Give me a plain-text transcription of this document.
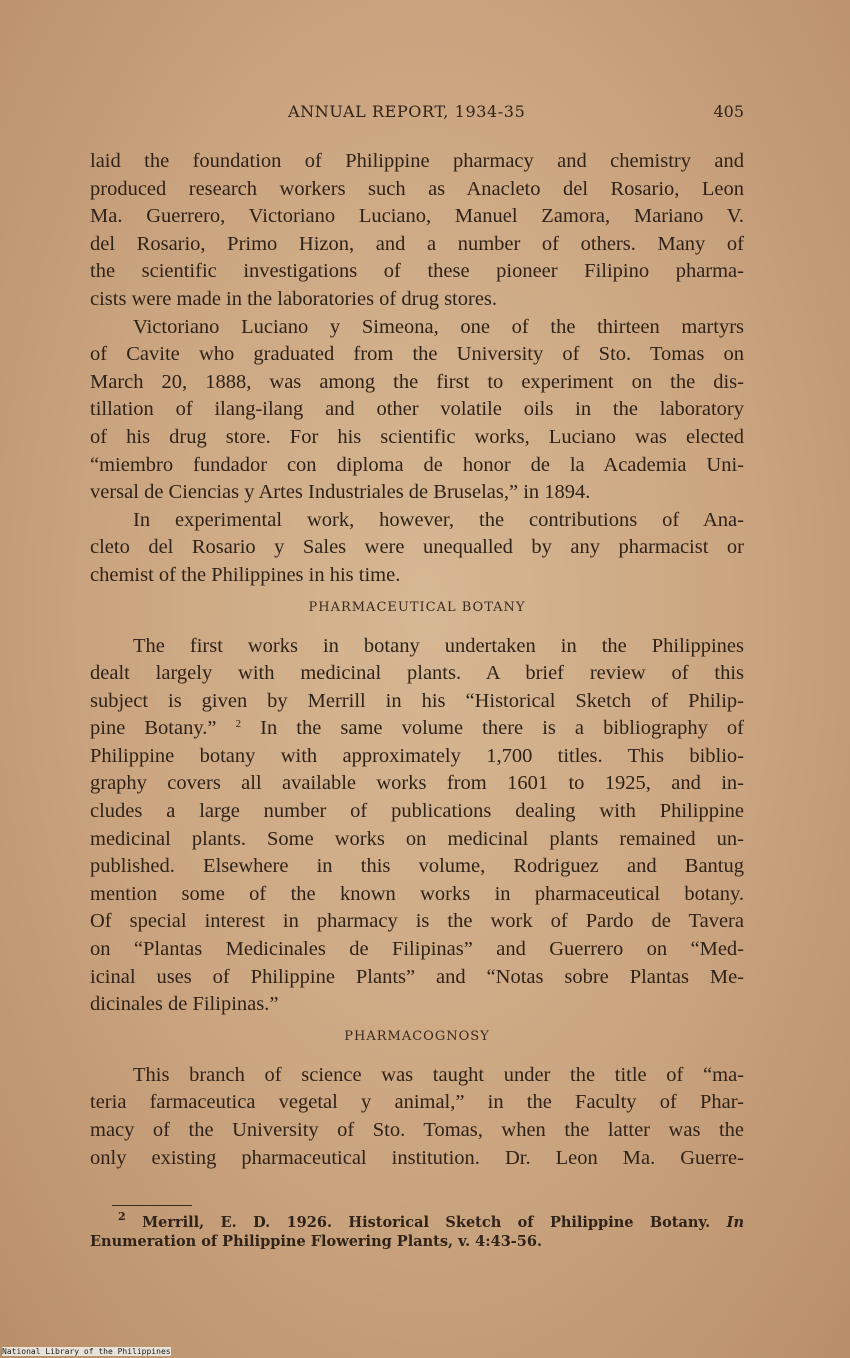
ANNUAL REPORT, 1934-35	405
laid the foundation of Philippine pharmacy and chemistry and
produced research workers such as Anacleto del Rosario, Leon
Ma. Guerrero, Victoriano Luciano, Manuel Zamora, Mariano V.
del Rosario, Primo Hizon, and a number of others. Many of
the scientific investigations of these pioneer Filipino pharma-
cists were made in the laboratories of drug stores.
Victoriano Luciano y Simeona, one of the thirteen martyrs
of Cavite who graduated from the University of Sto. Tomas on
March 20, 1888, was among the first to experiment on the dis-
tillation of ilang-ilang and other volatile oils in the laboratory
of his drug store. For his scientific works, Luciano was elected
“miembro fundador con diploma de honor de la Academia Uni-
versal de Ciencias y Artes Industriales de Bruselas,” in 1894.
In experimental work, however, the contributions of Ana-
cleto del Rosario y Sales were unequalled by any pharmacist or
chemist of the Philippines in his time.
PHARMACEUTICAL BOTANY
The first works in botany undertaken in the Philippines
dealt largely with medicinal plants. A brief review of this
subject is given by Merrill in his “Historical Sketch of Philip-
pine Botany.” $^2$ In the same volume there is a bibliography of
Philippine botany with approximately 1,700 titles. This biblio-
graphy covers all available works from 1601 to 1925, and in-
cludes a large number of publications dealing with Philippine
medicinal plants. Some works on medicinal plants remained un-
published. Elsewhere in this volume, Rodriguez and Bantug
mention some of the known works in pharmaceutical botany.
Of special interest in pharmacy is the work of Pardo de Tavera
on “Plantas Medicinales de Filipinas” and Guerrero on “Med-
icinal uses of Philippine Plants” and “Notas sobre Plantas Me-
dicinales de Filipinas.”
PHARMACOGNOSY
This branch of science was taught under the title of “ma-
teria farmaceutica vegetal y animal,” in the Faculty of Phar-
macy of the University of Sto. Tomas, when the latter was the
only existing pharmaceutical institution. Dr. Leon Ma. Guerre-
$^2$ Merrill, E. D. 1926. Historical Sketch of Philippine Botany. In
Enumeration of Philippine Flowering Plants, v. 4:43-56.
National Library of the Philippines
